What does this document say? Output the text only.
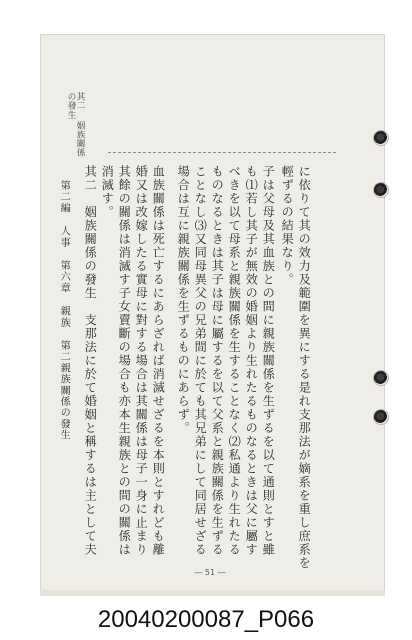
其二 姻族關係の發生
に依りて其の效力及範圍を異にする是れ支那法が嫡系を重し庶系を
輕ずるの結果なり。
子は父母及其血族との間に親族關係を生ずるを以て通則とすと雖
も⑴若し其子が無效の婚姻より生れたるものなるときは父に屬す
べきを以て母系と親族關係を生することなく⑵私通より生れたる
ものなるときは其子は母に屬するを以て父系と親族關係を生ずる
ことなし⑶又同母異父の兄弟間に於ても其兄弟にして同居せざる
場合は互に親族關係を生ずるものにあらず。
血族關係は死亡するにあらざれば消滅せざるを本則とすれども離
婚又は改嫁したる實母に對する場合は其關係は母子一身に止まり
其餘の關係は消滅す子女賣斷の場合も亦本生親族との間の關係は
消滅す。
其二　姻族關係の發生　支那法に於て婚姻と稱するは主として夫
第二編 人事 第六章 親族 第二親族關係の發生
― 51 ―
20040200087_P066
